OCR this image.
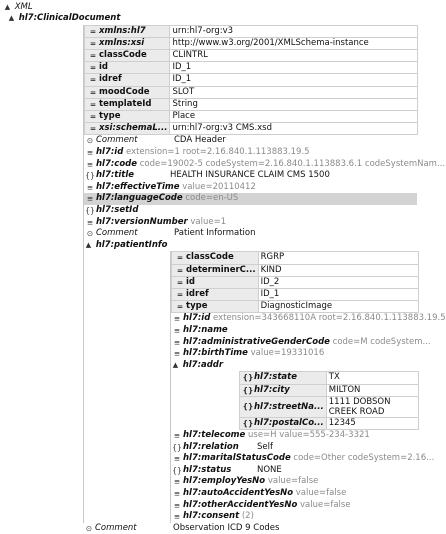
▲ XML
▲ hl7:ClinicalDocument
= xmlns:hl7	urn:hl7-org:v3
= xmlns:xsi	http://www.w3.org/2001/XMLSchema-instance
= classCode	CLINTRL
= id	ID_1
= idref	ID_1
= moodCode	SLOT
= templateId	String
= type	Place
= xsi:schemaL...	urn:hl7-org:v3 CMS.xsd
⊙ Comment	CDA Header
≡ hl7:id extension=1 root=2.16.840.1.113883.19.5
≡ hl7:code code=19002-5 codeSystem=2.16.840.1.113883.6.1 codeSystemNam...
{}hl7:title	HEALTH INSURANCE CLAIM CMS 1500
≡ hl7:effectiveTime value=20110412
≡ hl7:languageCode code=en-US
{}hl7:setId
≡ hl7:versionNumber value=1
⊙ Comment	Patient Information
▲ hl7:patientInfo
= classCode	RGRP
= determinerC...	KIND
= id	ID_2
= idref	ID_1
= type	DiagnosticImage
≡ hl7:id extension=343668110A root=2.16.840.1.113883.19.5
≡ hl7:name
≡ hl7:administrativeGenderCode code=M codeSystem...
≡ hl7:birthTime value=19331016
▲ hl7:addr
{}hl7:state	TX
{}hl7:city	MILTON
{}hl7:streetNa...	1111 DOBSON CREEK ROAD
{}hl7:postalCo...	12345
≡ hl7:telecome use=H value=555-234-3321
{}hl7:relation Self
≡ hl7:maritalStatusCode code=Other codeSystem=2.16...
{}hl7:status	NONE
≡ hl7:employYesNo value=false
≡ hl7:autoAccidentYesNo value=false
≡ hl7:otherAccidentYesNo value=false
≡ hl7:consent (2)
⊙ Comment	Observation ICD 9 Codes
